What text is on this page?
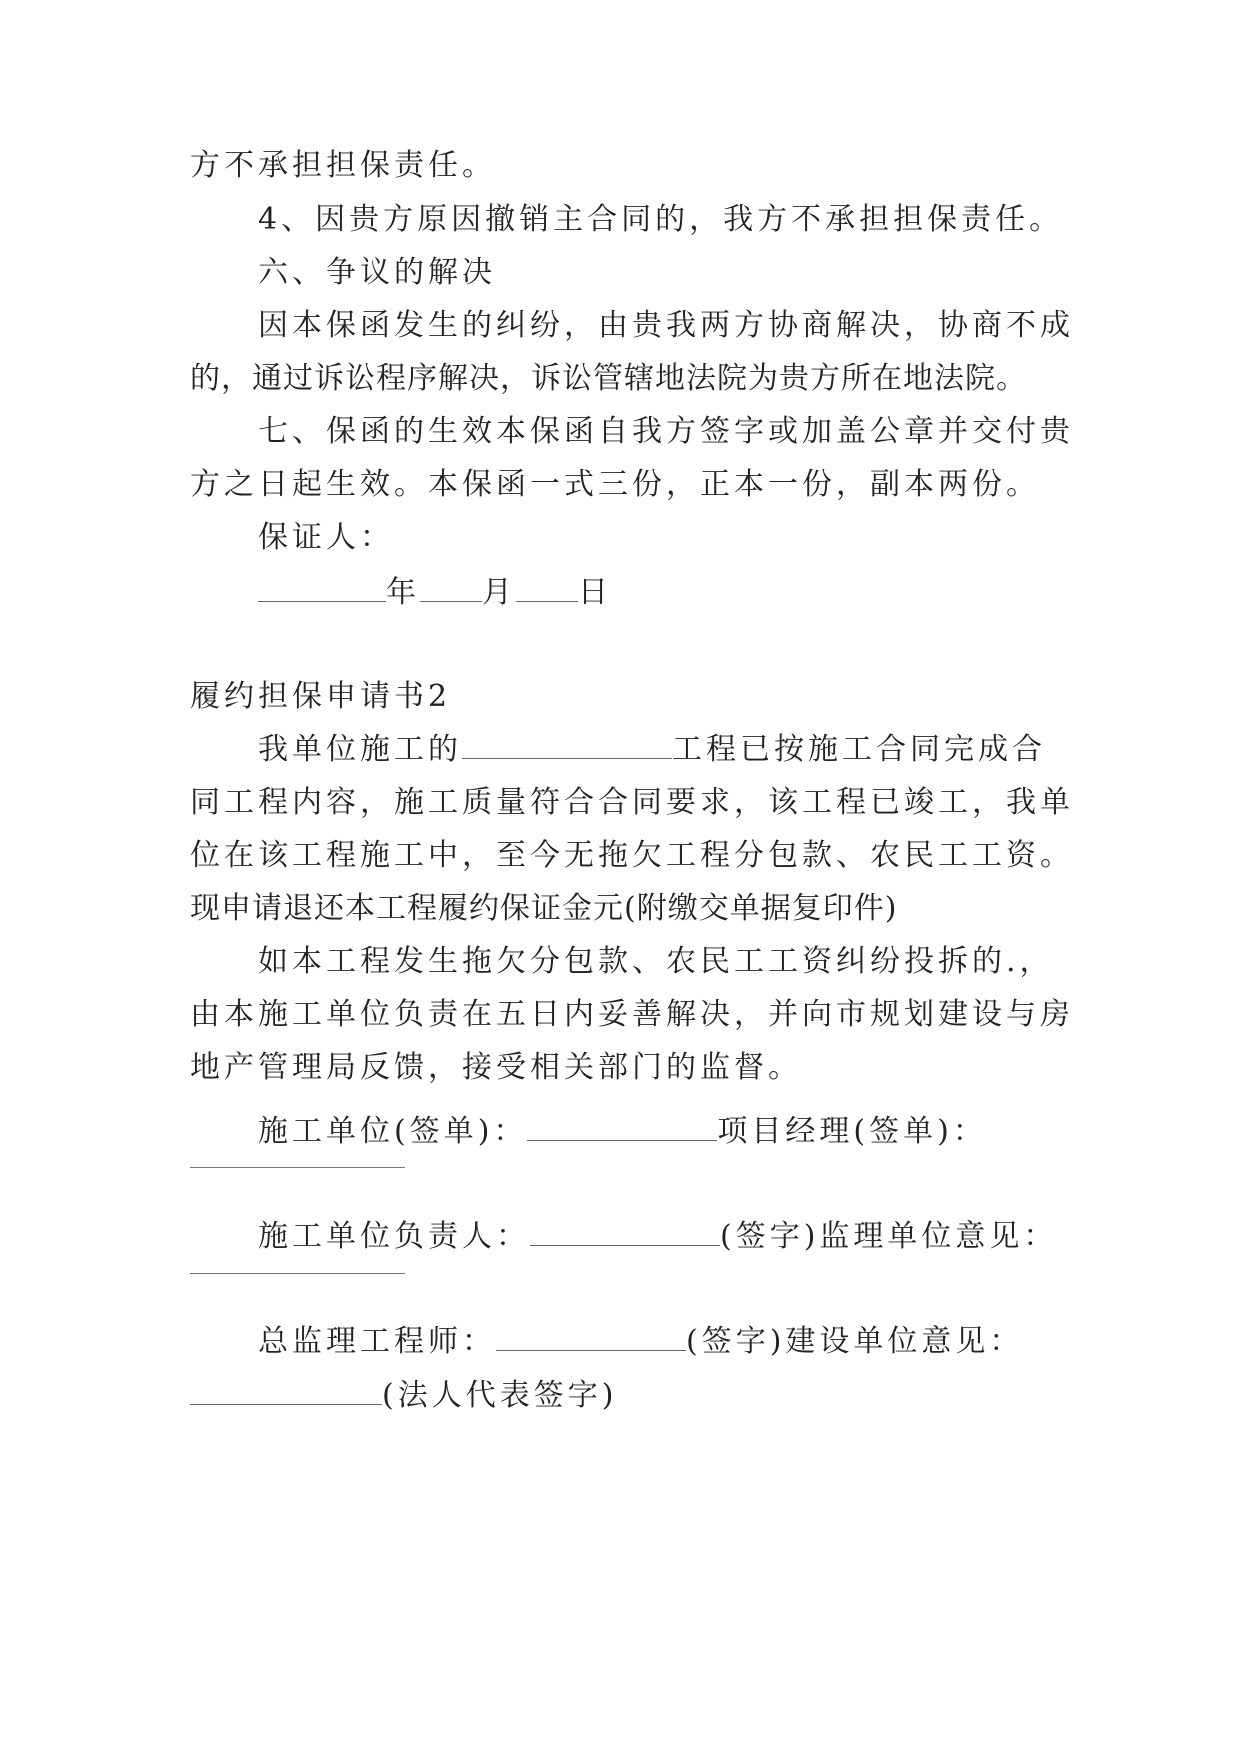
方不承担担保责任。
4、因贵方原因撤销主合同的，我方不承担担保责任。
六、争议的解决
因本保函发生的纠纷，由贵我两方协商解决，协商不成
的，通过诉讼程序解决，诉讼管辖地法院为贵方所在地法院。
七、保函的生效本保函自我方签字或加盖公章并交付贵
方之日起生效。本保函一式三份，正本一份，副本两份。
保证人：
年 月 日
履约担保申请书2
我单位施工的	工程已按施工合同完成合
同工程内容，施工质量符合合同要求，该工程已竣工，我单
位在该工程施工中，至今无拖欠工程分包款、农民工工资。
现申请退还本工程履约保证金元(附缴交单据复印件)
如本工程发生拖欠分包款、农民工工资纠纷投拆的.，
由本施工单位负责在五日内妥善解决，并向市规划建设与房
地产管理局反馈，接受相关部门的监督。
施工单位(签单)：	项目经理(签单)：
施工单位负责人：	(签字)监理单位意见：
总监理工程师：	(签字)建设单位意见：
(法人代表签字)
